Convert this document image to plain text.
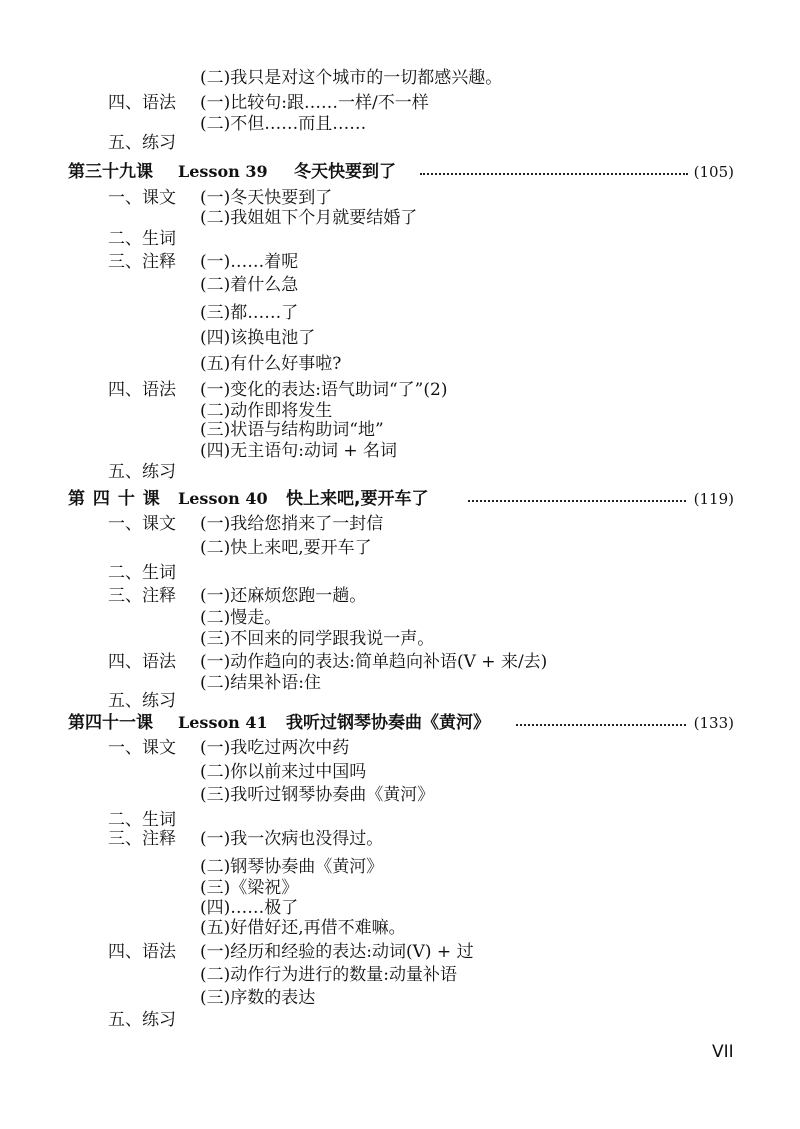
(二)我只是对这个城市的一切都感兴趣。
四、语法 (一)比较句:跟……一样/不一样
(二)不但……而且……
五、练习
第三十九课 Lesson 39 冬天快要到了	(105)
一、课文 (一)冬天快要到了
(二)我姐姐下个月就要结婚了
二、生词
三、注释 (一)……着呢
(二)着什么急
(三)都……了
(四)该换电池了
(五)有什么好事啦?
四、语法 (一)变化的表达:语气助词“了”(2)
(二)动作即将发生
(三)状语与结构助词“地”
(四)无主语句:动词 + 名词
五、练习
第 四 十 课 Lesson 40 快上来吧,要开车了	(119)
一、课文 (一)我给您捎来了一封信
(二)快上来吧,要开车了
二、生词
三、注释 (一)还麻烦您跑一趟。
(二)慢走。
(三)不回来的同学跟我说一声。
四、语法 (一)动作趋向的表达:简单趋向补语(V + 来/去)
(二)结果补语:住
五、练习
第四十一课 Lesson 41 我听过钢琴协奏曲《黄河》	(133)
一、课文 (一)我吃过两次中药
(二)你以前来过中国吗
(三)我听过钢琴协奏曲《黄河》
二、生词
三、注释 (一)我一次病也没得过。
(二)钢琴协奏曲《黄河》
(三)《梁祝》
(四)……极了
(五)好借好还,再借不难嘛。
四、语法 (一)经历和经验的表达:动词(V) + 过
(二)动作行为进行的数量:动量补语
(三)序数的表达
五、练习
VII
